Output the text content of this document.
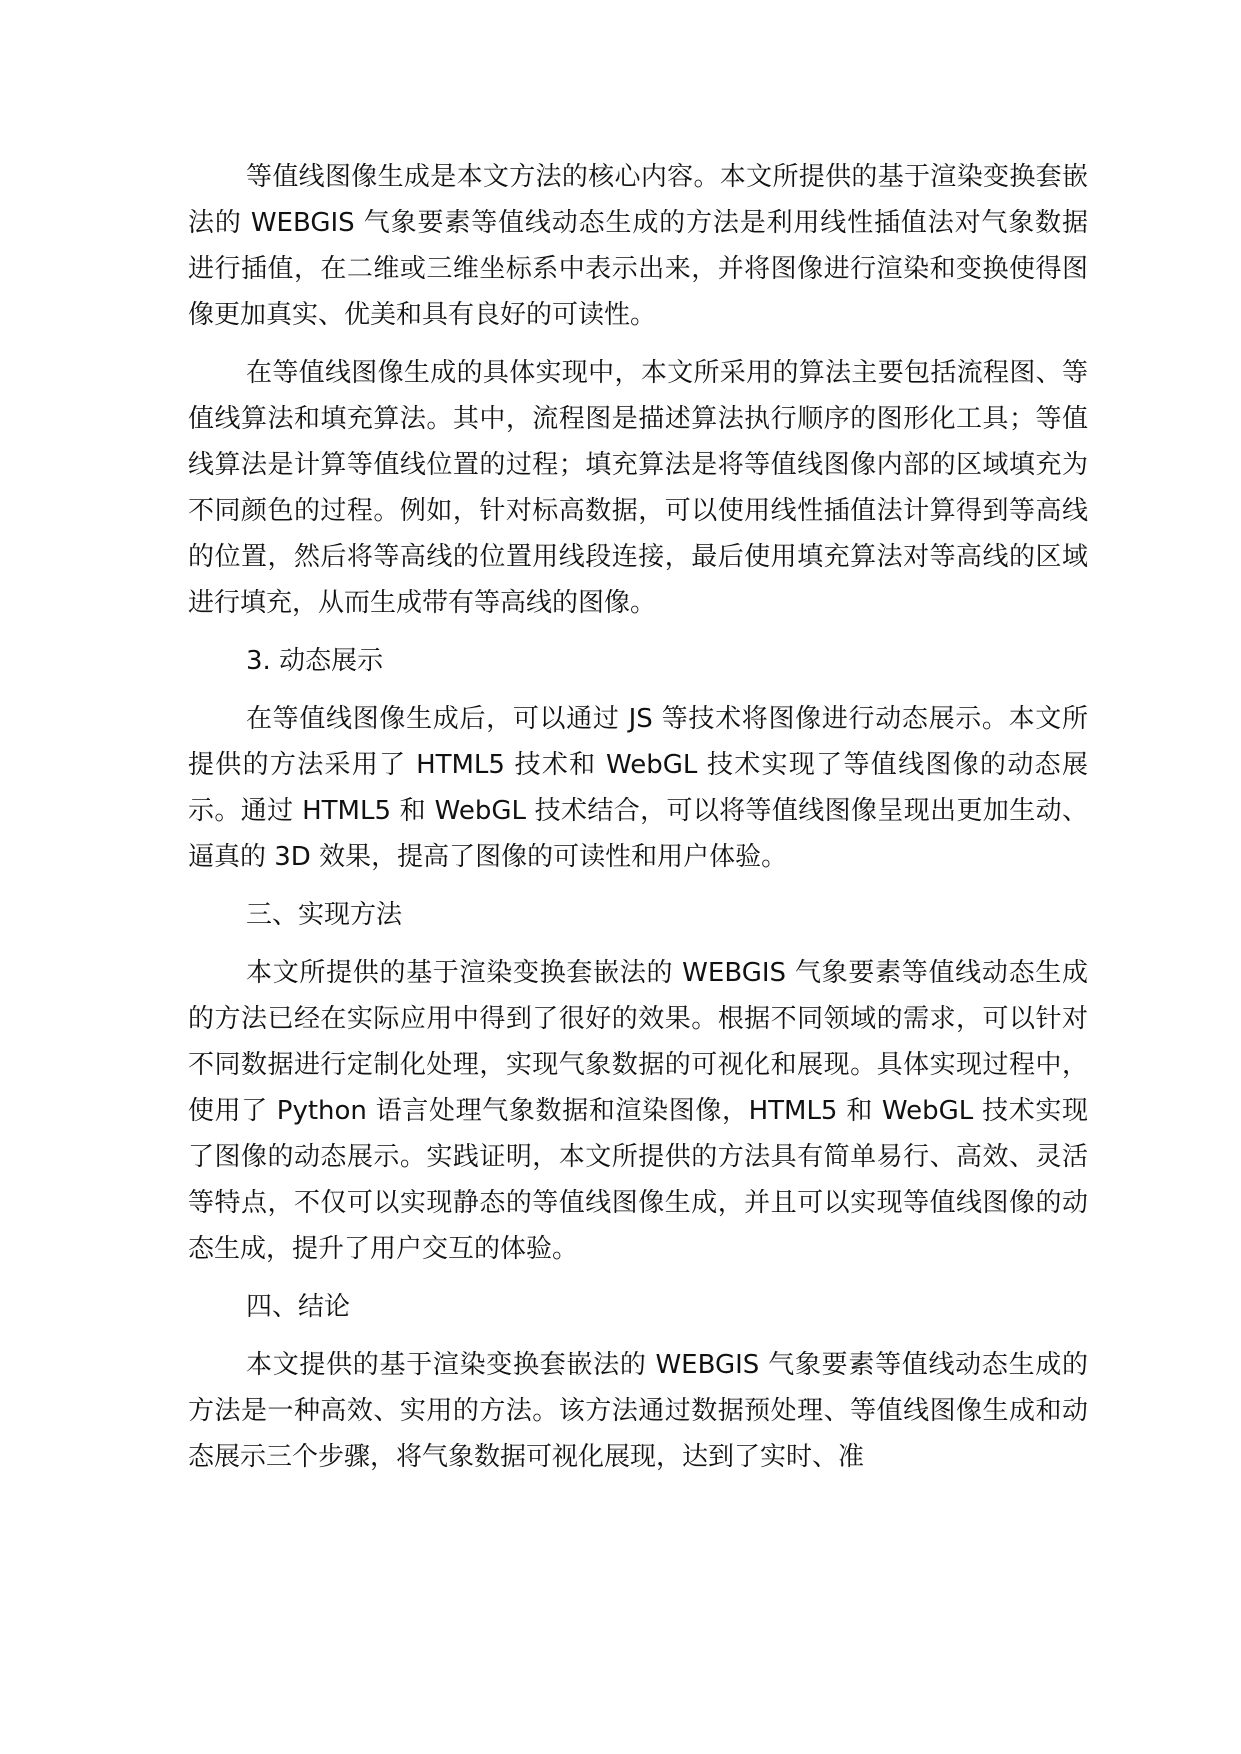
等值线图像生成是本文方法的核心内容。本文所提供的基于渲染变换套嵌法的 WEBGIS 气象要素等值线动态生成的方法是利用线性插值法对气象数据进行插值，在二维或三维坐标系中表示出来，并将图像进行渲染和变换使得图像更加真实、优美和具有良好的可读性。

在等值线图像生成的具体实现中，本文所采用的算法主要包括流程图、等值线算法和填充算法。其中，流程图是描述算法执行顺序的图形化工具；等值线算法是计算等值线位置的过程；填充算法是将等值线图像内部的区域填充为不同颜色的过程。例如，针对标高数据，可以使用线性插值法计算得到等高线的位置，然后将等高线的位置用线段连接，最后使用填充算法对等高线的区域进行填充，从而生成带有等高线的图像。

3. 动态展示

在等值线图像生成后，可以通过 JS 等技术将图像进行动态展示。本文所提供的方法采用了 HTML5 技术和 WebGL 技术实现了等值线图像的动态展示。通过 HTML5 和 WebGL 技术结合，可以将等值线图像呈现出更加生动、逼真的 3D 效果，提高了图像的可读性和用户体验。

三、实现方法

本文所提供的基于渲染变换套嵌法的 WEBGIS 气象要素等值线动态生成的方法已经在实际应用中得到了很好的效果。根据不同领域的需求，可以针对不同数据进行定制化处理，实现气象数据的可视化和展现。具体实现过程中，使用了 Python 语言处理气象数据和渲染图像，HTML5 和 WebGL 技术实现了图像的动态展示。实践证明，本文所提供的方法具有简单易行、高效、灵活等特点，不仅可以实现静态的等值线图像生成，并且可以实现等值线图像的动态生成，提升了用户交互的体验。

四、结论

本文提供的基于渲染变换套嵌法的 WEBGIS 气象要素等值线动态生成的方法是一种高效、实用的方法。该方法通过数据预处理、等值线图像生成和动态展示三个步骤，将气象数据可视化展现，达到了实时、准
